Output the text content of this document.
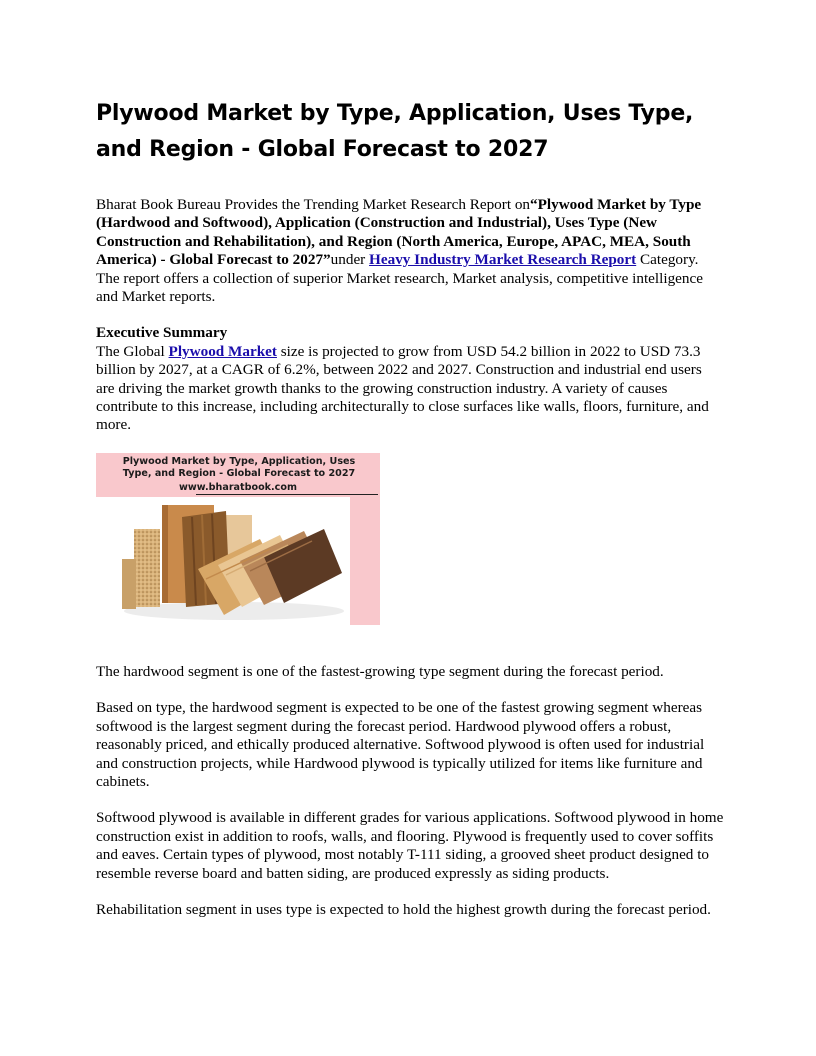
Plywood Market by Type, Application, Uses Type, and Region - Global Forecast to 2027

Bharat Book Bureau Provides the Trending Market Research Report on“Plywood Market by Type (Hardwood and Softwood), Application (Construction and Industrial), Uses Type (New Construction and Rehabilitation), and Region (North America, Europe, APAC, MEA, South America) - Global Forecast to 2027”under Heavy Industry Market Research Report Category. The report offers a collection of superior Market research, Market analysis, competitive intelligence and Market reports.

Executive Summary
The Global Plywood Market size is projected to grow from USD 54.2 billion in 2022 to USD 73.3 billion by 2027, at a CAGR of 6.2%, between 2022 and 2027. Construction and industrial end users are driving the market growth thanks to the growing construction industry. A variety of causes contribute to this increase, including architecturally to close surfaces like walls, floors, furniture, and more.

Plywood Market by Type, Application, Uses
Type, and Region - Global Forecast to 2027
www.bharatbook.com

The hardwood segment is one of the fastest-growing type segment during the forecast period.

Based on type, the hardwood segment is expected to be one of the fastest growing segment whereas softwood is the largest segment during the forecast period. Hardwood plywood offers a robust, reasonably priced, and ethically produced alternative. Softwood plywood is often used for industrial and construction projects, while Hardwood plywood is typically utilized for items like furniture and cabinets.

Softwood plywood is available in different grades for various applications. Softwood plywood in home construction exist in addition to roofs, walls, and flooring. Plywood is frequently used to cover soffits and eaves. Certain types of plywood, most notably T-111 siding, a grooved sheet product designed to resemble reverse board and batten siding, are produced expressly as siding products.

Rehabilitation segment in uses type is expected to hold the highest growth during the forecast period.
